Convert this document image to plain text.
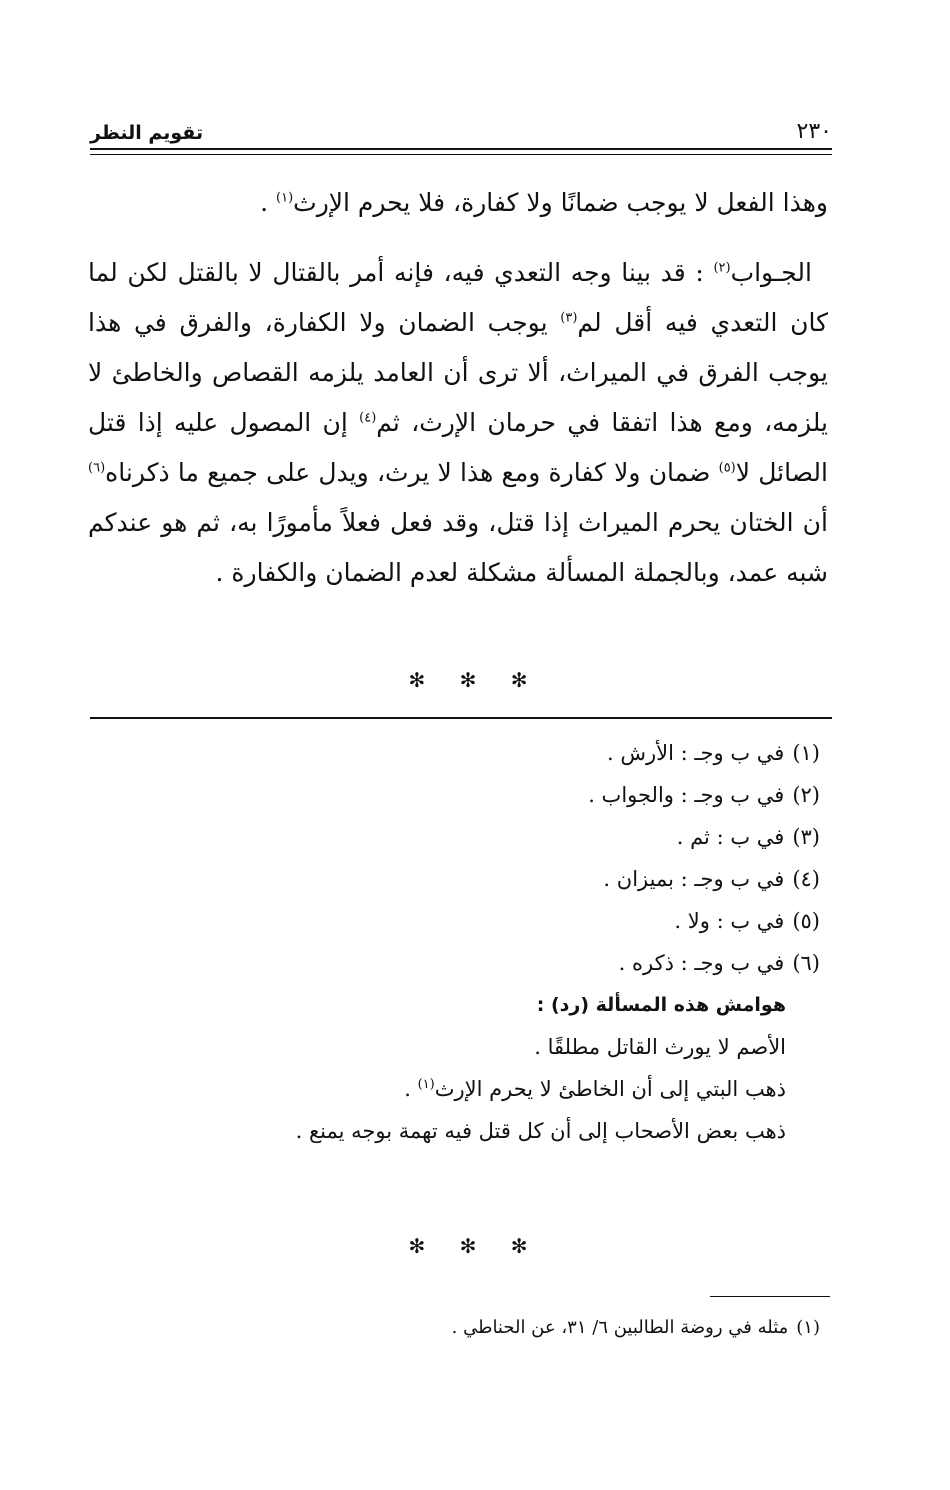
تقويم النظر	٢٣٠

وهذا الفعل لا يوجب ضمانًا ولا كفارة، فلا يحرم الإرث$^{(١)}$ .

الجـواب$^{(٢)}$ : قد بينا وجه التعدي فيه، فإنه أمر بالقتال لا بالقتل لكن لما كان التعدي فيه أقل لم$^{(٣)}$ يوجب الضمان ولا الكفارة، والفرق في هذا يوجب الفرق في الميراث، ألا ترى أن العامد يلزمه القصاص والخاطئ لا يلزمه، ومع هذا اتفقا في حرمان الإرث، ثم$^{(٤)}$ إن المصول عليه إذا قتل الصائل لا$^{(٥)}$ ضمان ولا كفارة ومع هذا لا يرث، ويدل على جميع ما ذكرناه$^{(٦)}$ أن الختان يحرم الميراث إذا قتل، وقد فعل فعلاً مأمورًا به، ثم هو عندكم شبه عمد، وبالجملة المسألة مشكلة لعدم الضمان والكفارة .

✻ ✻ ✻
(١)في ب وجـ : الأرش .
(٢)في ب وجـ : والجواب .
(٣)في ب : ثم .
(٤)في ب وجـ : بميزان .
(٥)في ب : ولا .
(٦)في ب وجـ : ذكره .
هوامش هذه المسألة (رد) :
الأصم لا يورث القاتل مطلقًا .
ذهب البتي إلى أن الخاطئ لا يحرم الإرث$^{(١)}$ .
ذهب بعض الأصحاب إلى أن كل قتل فيه تهمة بوجه يمنع .
✻ ✻ ✻
(١)مثله في روضة الطالبين ٦/ ٣١، عن الحناطي .
